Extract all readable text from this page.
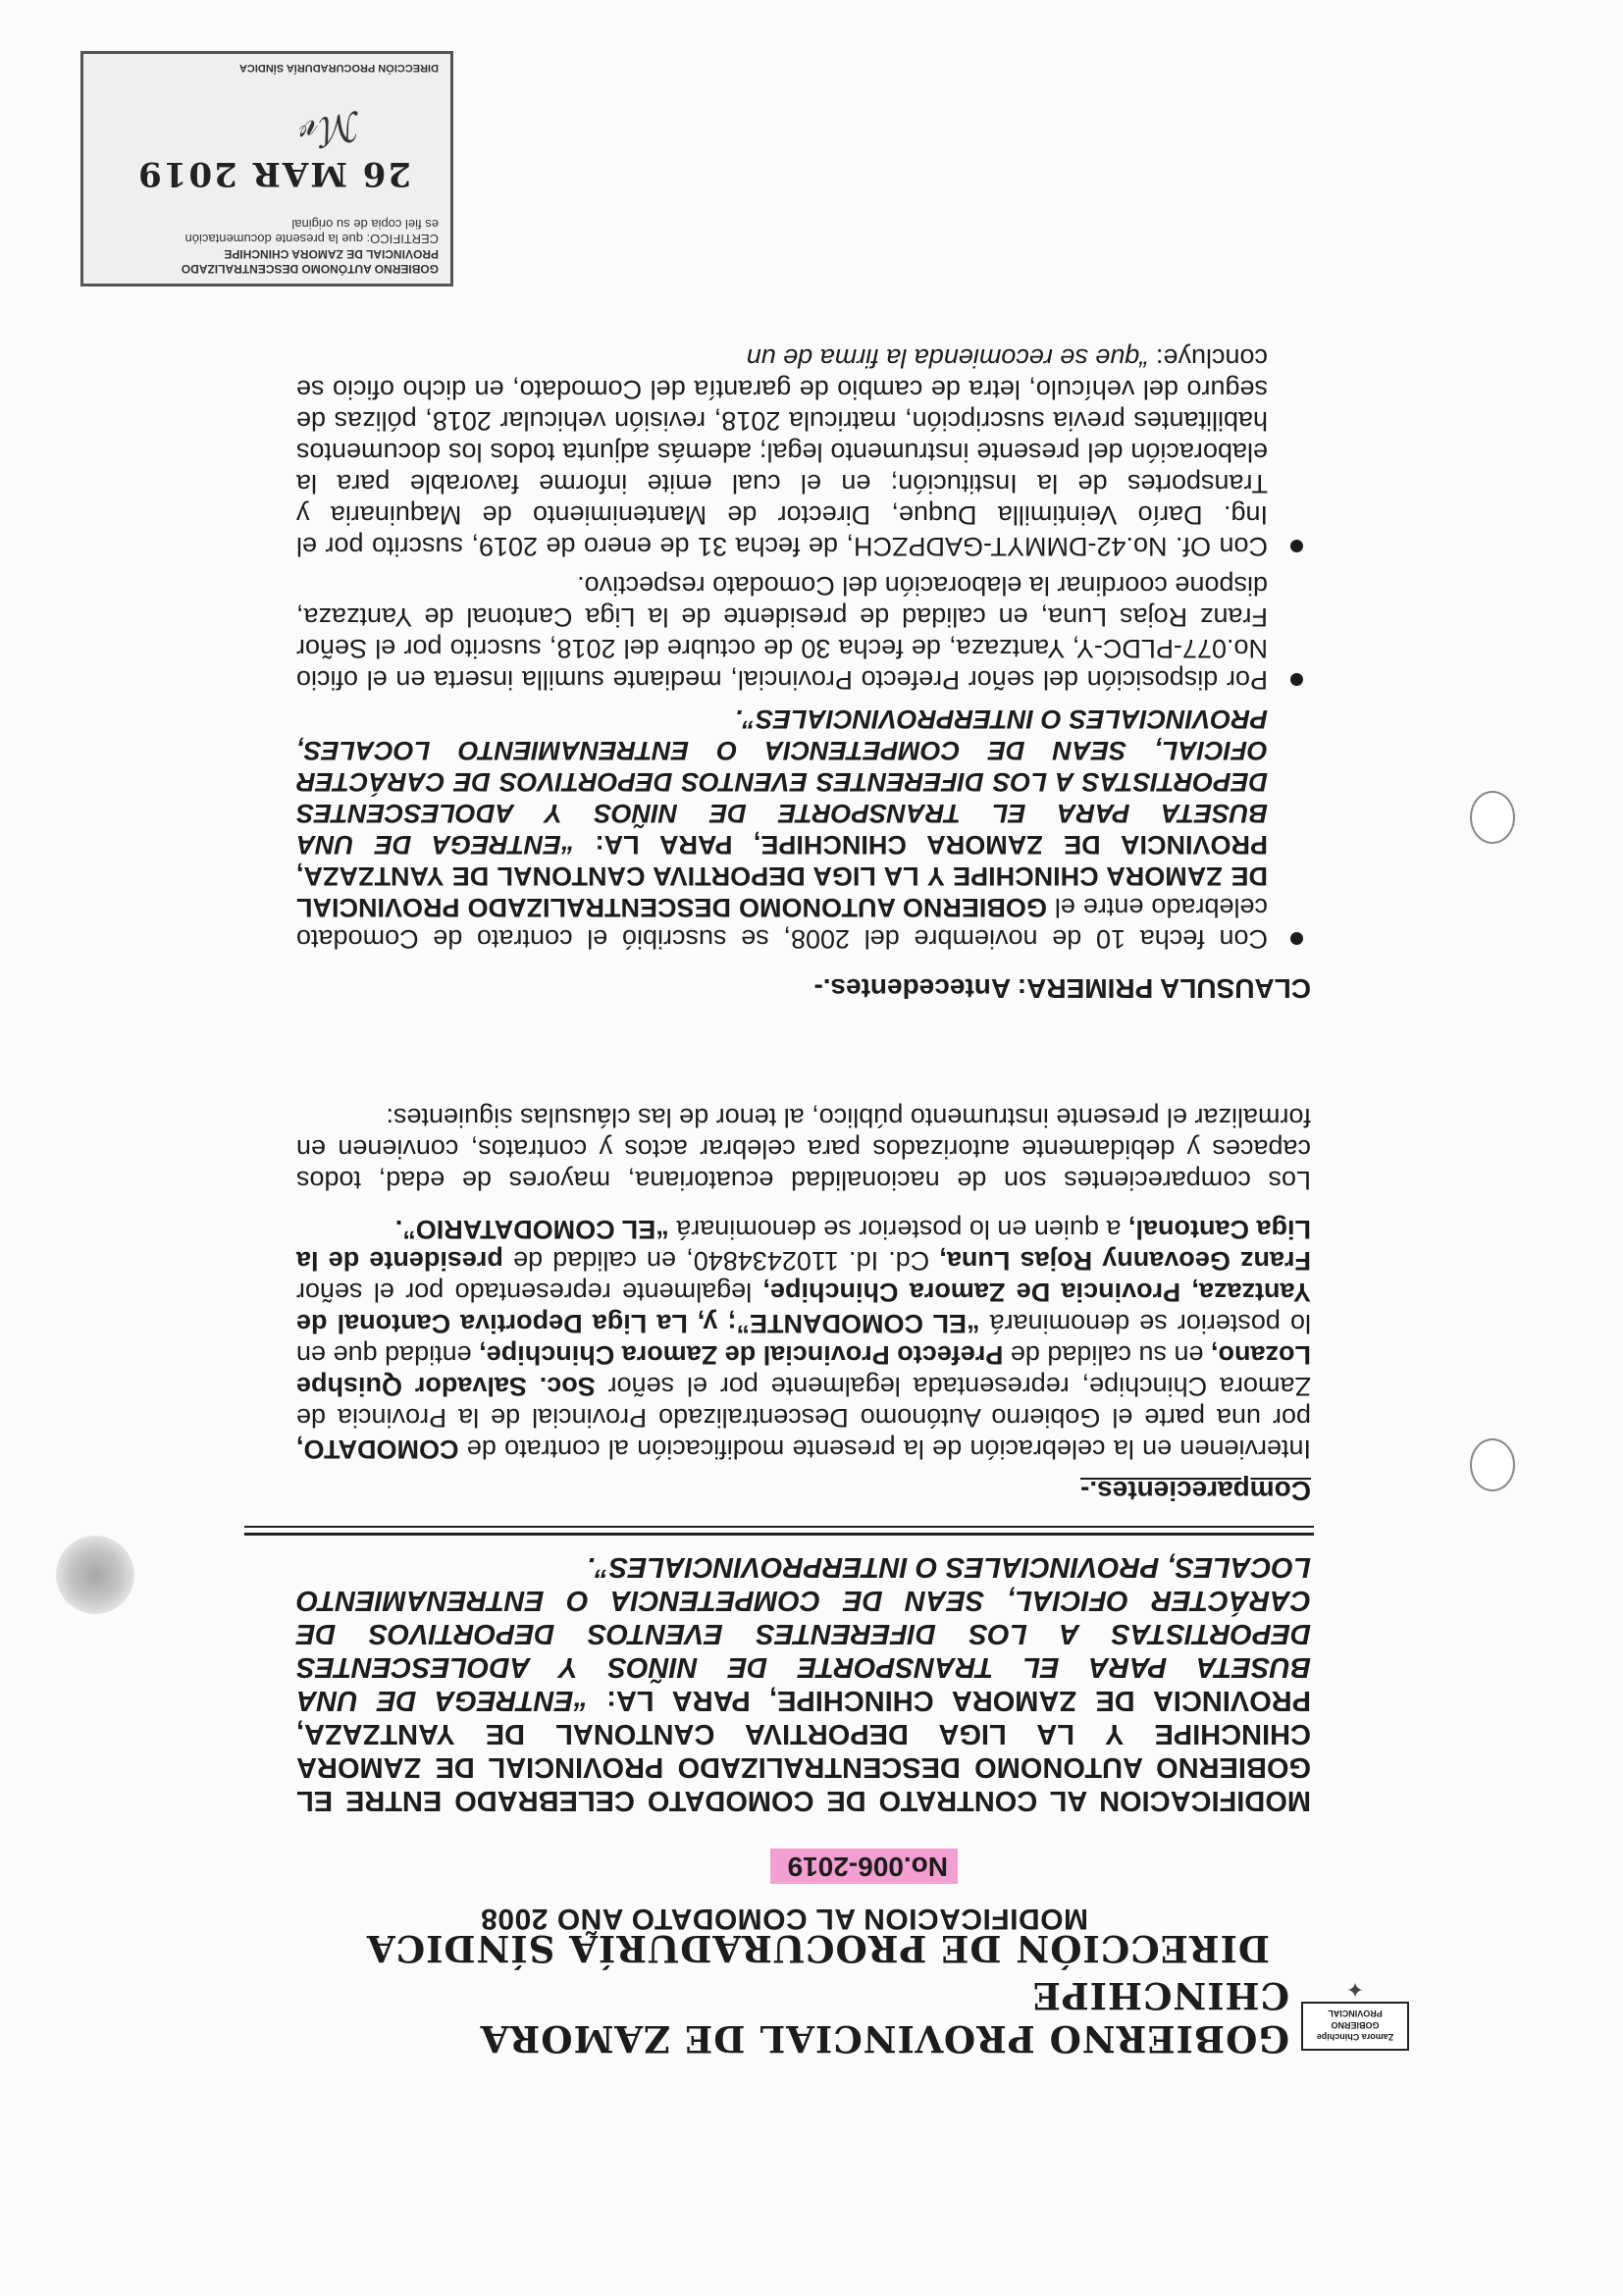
Zamora Chinchipe
GOBIERNO PROVINCIAL
✦
GOBIERNO PROVINCIAL DE ZAMORA CHINCHIPE
DIRECCIÓN DE PROCURADURÍA SÍNDICA
MODIFICACION AL COMODATO AÑO 2008
No.006-2019
MODIFICACION AL CONTRATO DE COMODATO CELEBRADO ENTRE EL GOBIERNO AUTONOMO DESCENTRALIZADO PROVINCIAL DE ZAMORA CHINCHIPE Y LA LIGA DEPORTIVA CANTONAL DE YANTZAZA, PROVINCIA DE ZAMORA CHINCHIPE, PARA LA: “ENTREGA DE UNA BUSETA PARA EL TRANSPORTE DE NIÑOS Y ADOLESCENTES DEPORTISTAS A LOS DIFERENTES EVENTOS DEPORTIVOS DE CARÁCTER OFICIAL, SEAN DE COMPETENCIA O ENTRENAMIENTO LOCALES, PROVINCIALES O INTERPROVINCIALES”.
Comparecientes.-
Intervienen en la celebración de la presente modificación al contrato de COMODATO, por una parte el Gobierno Autónomo Descentralizado Provincial de la Provincia de Zamora Chinchipe, representada legalmente por el señor Soc. Salvador Quishpe Lozano, en su calidad de Prefecto Provincial de Zamora Chinchipe, entidad que en lo posterior se denominará “EL COMODANTE”; y, La Liga Deportiva Cantonal de Yantzaza, Provincia De Zamora Chinchipe, legalmente representado por el señor Franz Geovanny Rojas Luna, Cd. Id. 1102434840, en calidad de presidente de la Liga Cantonal, a quien en lo posterior se denominará “EL COMODATARIO”.
Los comparecientes son de nacionalidad ecuatoriana, mayores de edad, todos capaces y debidamente autorizados para celebrar actos y contratos, convienen en formalizar el presente instrumento público, al tenor de las cláusulas siguientes:
CLAUSULA PRIMERA: Antecedentes.-
Con fecha 10 de noviembre del 2008, se suscribió el contrato de Comodato celebrado entre el GOBIERNO AUTONOMO DESCENTRALIZADO PROVINCIAL DE ZAMORA CHINCHIPE Y LA LIGA DEPORTIVA CANTONAL DE YANTZAZA, PROVINCIA DE ZAMORA CHINCHIPE, PARA LA: “ENTREGA DE UNA BUSETA PARA EL TRANSPORTE DE NIÑOS Y ADOLESCENTES DEPORTISTAS A LOS DIFERENTES EVENTOS DEPORTIVOS DE CARÁCTER OFICIAL, SEAN DE COMPETENCIA O ENTRENAMIENTO LOCALES, PROVINCIALES O INTERPROVINCIALES”.
Por disposición del señor Prefecto Provincial, mediante sumilla inserta en el oficio No.077-PLDC-Y, Yantzaza, de fecha 30 de octubre del 2018, suscrito por el Señor Franz Rojas Luna, en calidad de presidente de la Liga Cantonal de Yantzaza, dispone coordinar la elaboración del Comodato respectivo.
Con Of. No.42-DMMYT-GADPZCH, de fecha 31 de enero de 2019, suscrito por el Ing. Darío Veintimilla Duque, Director de Mantenimiento de Maquinaria y Transportes de la Institución; en el cual emite informe favorable para la elaboración del presente instrumento legal; además adjunta todos los documentos habilitantes previa suscripción, matricula 2018, revisión vehicular 2018, pólizas de seguro del vehículo, letra de cambio de garantía del Comodato, en dicho oficio se concluye: “que se recomienda la firma de un
GOBIERNO AUTÓNOMO DESCENTRALIZADO
PROVINCIAL DE ZAMORA CHINCHIPE
CERTIFICO: que la presente documentación
es fiel copia de su original
26 MAR 2019
ℳ𝓋
DIRECCIÓN PROCURADURÍA SÍNDICA
